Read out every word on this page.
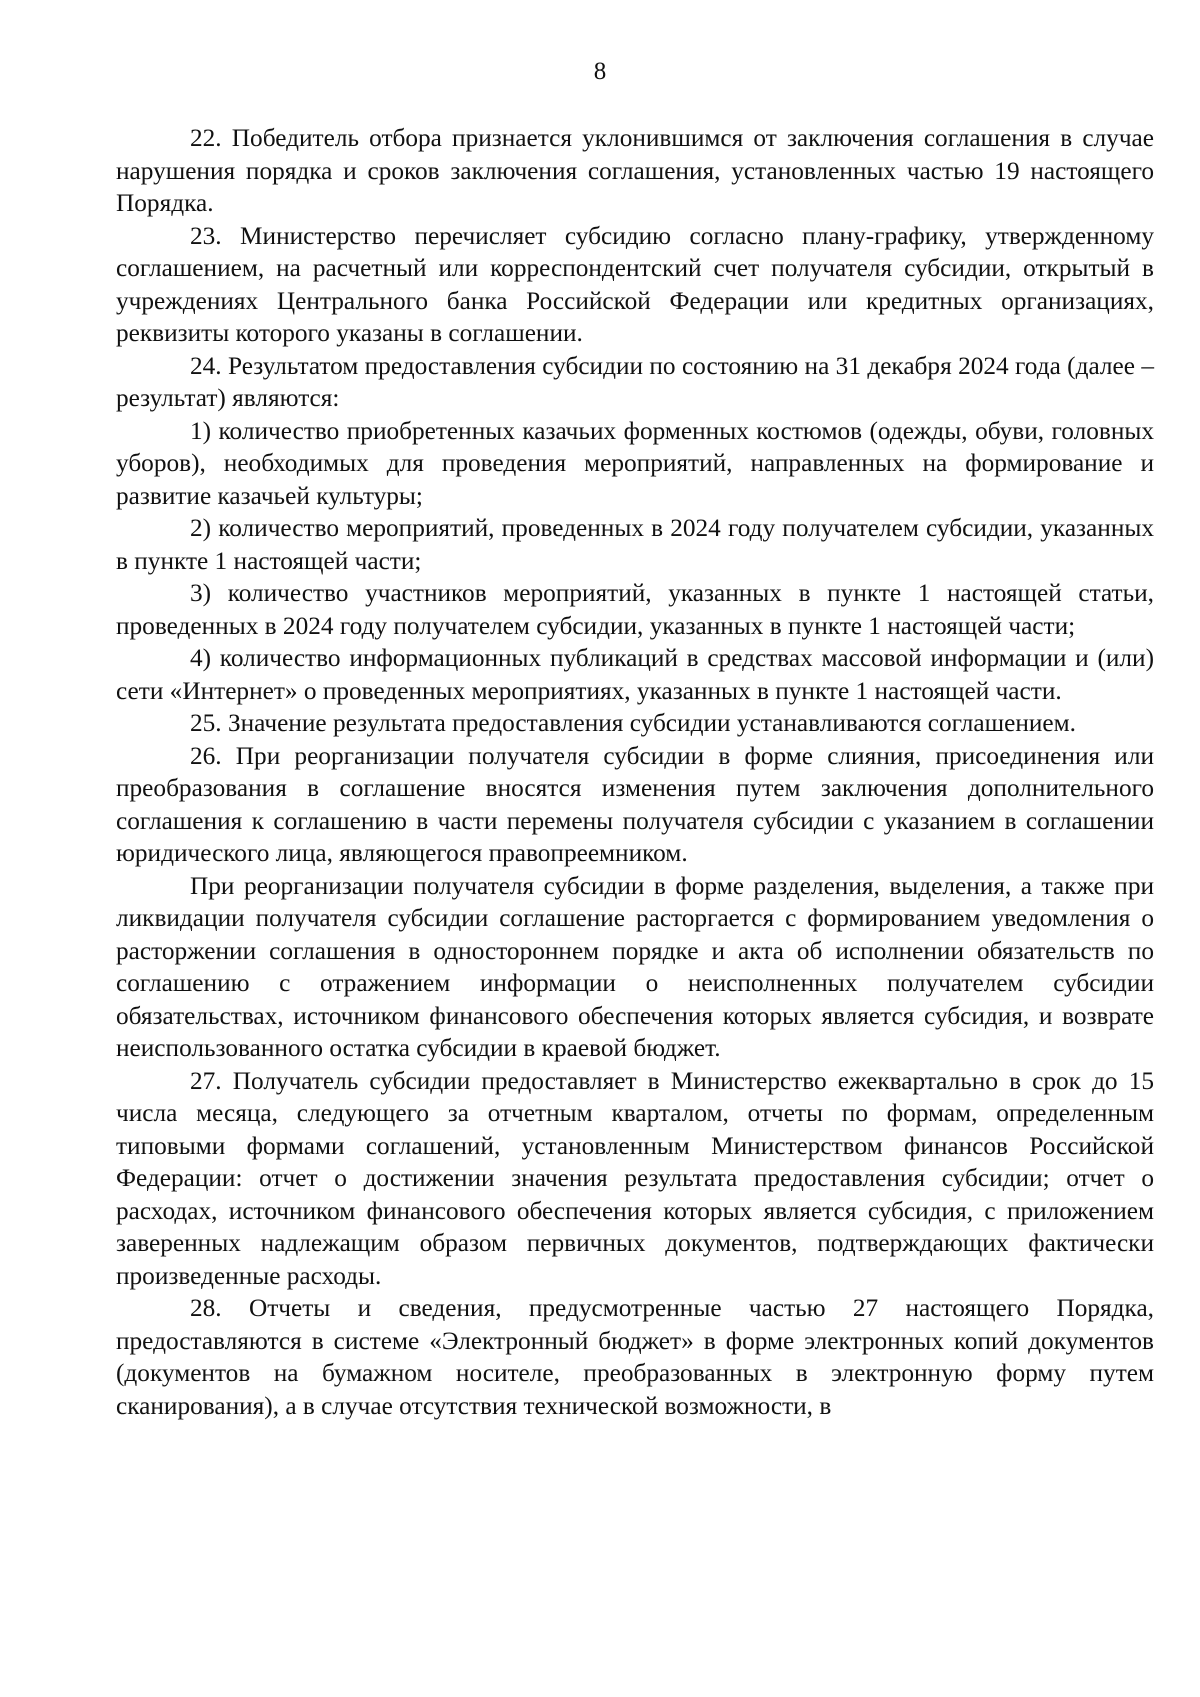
8

22. Победитель отбора признается уклонившимся от заключения соглашения в случае нарушения порядка и сроков заключения соглашения, установленных частью 19 настоящего Порядка.

23. Министерство перечисляет субсидию согласно плану-графику, утвержденному соглашением, на расчетный или корреспондентский счет получателя субсидии, открытый в учреждениях Центрального банка Российской Федерации или кредитных организациях, реквизиты которого указаны в соглашении.

24. Результатом предоставления субсидии по состоянию на 31 декабря 2024 года (далее – результат) являются:

1) количество приобретенных казачьих форменных костюмов (одежды, обуви, головных уборов), необходимых для проведения мероприятий, направленных на формирование и развитие казачьей культуры;

2) количество мероприятий, проведенных в 2024 году получателем субсидии, указанных в пункте 1 настоящей части;

3) количество участников мероприятий, указанных в пункте 1 настоящей статьи, проведенных в 2024 году получателем субсидии, указанных в пункте 1 настоящей части;

4) количество информационных публикаций в средствах массовой информации и (или) сети «Интернет» о проведенных мероприятиях, указанных в пункте 1 настоящей части.

25. Значение результата предоставления субсидии устанавливаются соглашением.

26. При реорганизации получателя субсидии в форме слияния, присоединения или преобразования в соглашение вносятся изменения путем заключения дополнительного соглашения к соглашению в части перемены получателя субсидии с указанием в соглашении юридического лица, являющегося правопреемником.

При реорганизации получателя субсидии в форме разделения, выделения, а также при ликвидации получателя субсидии соглашение расторгается с формированием уведомления о расторжении соглашения в одностороннем порядке и акта об исполнении обязательств по соглашению с отражением информации о неисполненных получателем субсидии обязательствах, источником финансового обеспечения которых является субсидия, и возврате неиспользованного остатка субсидии в краевой бюджет.

27. Получатель субсидии предоставляет в Министерство ежеквартально в срок до 15 числа месяца, следующего за отчетным кварталом, отчеты по формам, определенным типовыми формами соглашений, установленным Министерством финансов Российской Федерации: отчет о достижении значения результата предоставления субсидии; отчет о расходах, источником финансового обеспечения которых является субсидия, с приложением заверенных надлежащим образом первичных документов, подтверждающих фактически произведенные расходы.

28. Отчеты и сведения, предусмотренные частью 27 настоящего Порядка, предоставляются в системе «Электронный бюджет» в форме электронных копий документов (документов на бумажном носителе, преобразованных в электронную форму путем сканирования), а в случае отсутствия технической возможности, в
